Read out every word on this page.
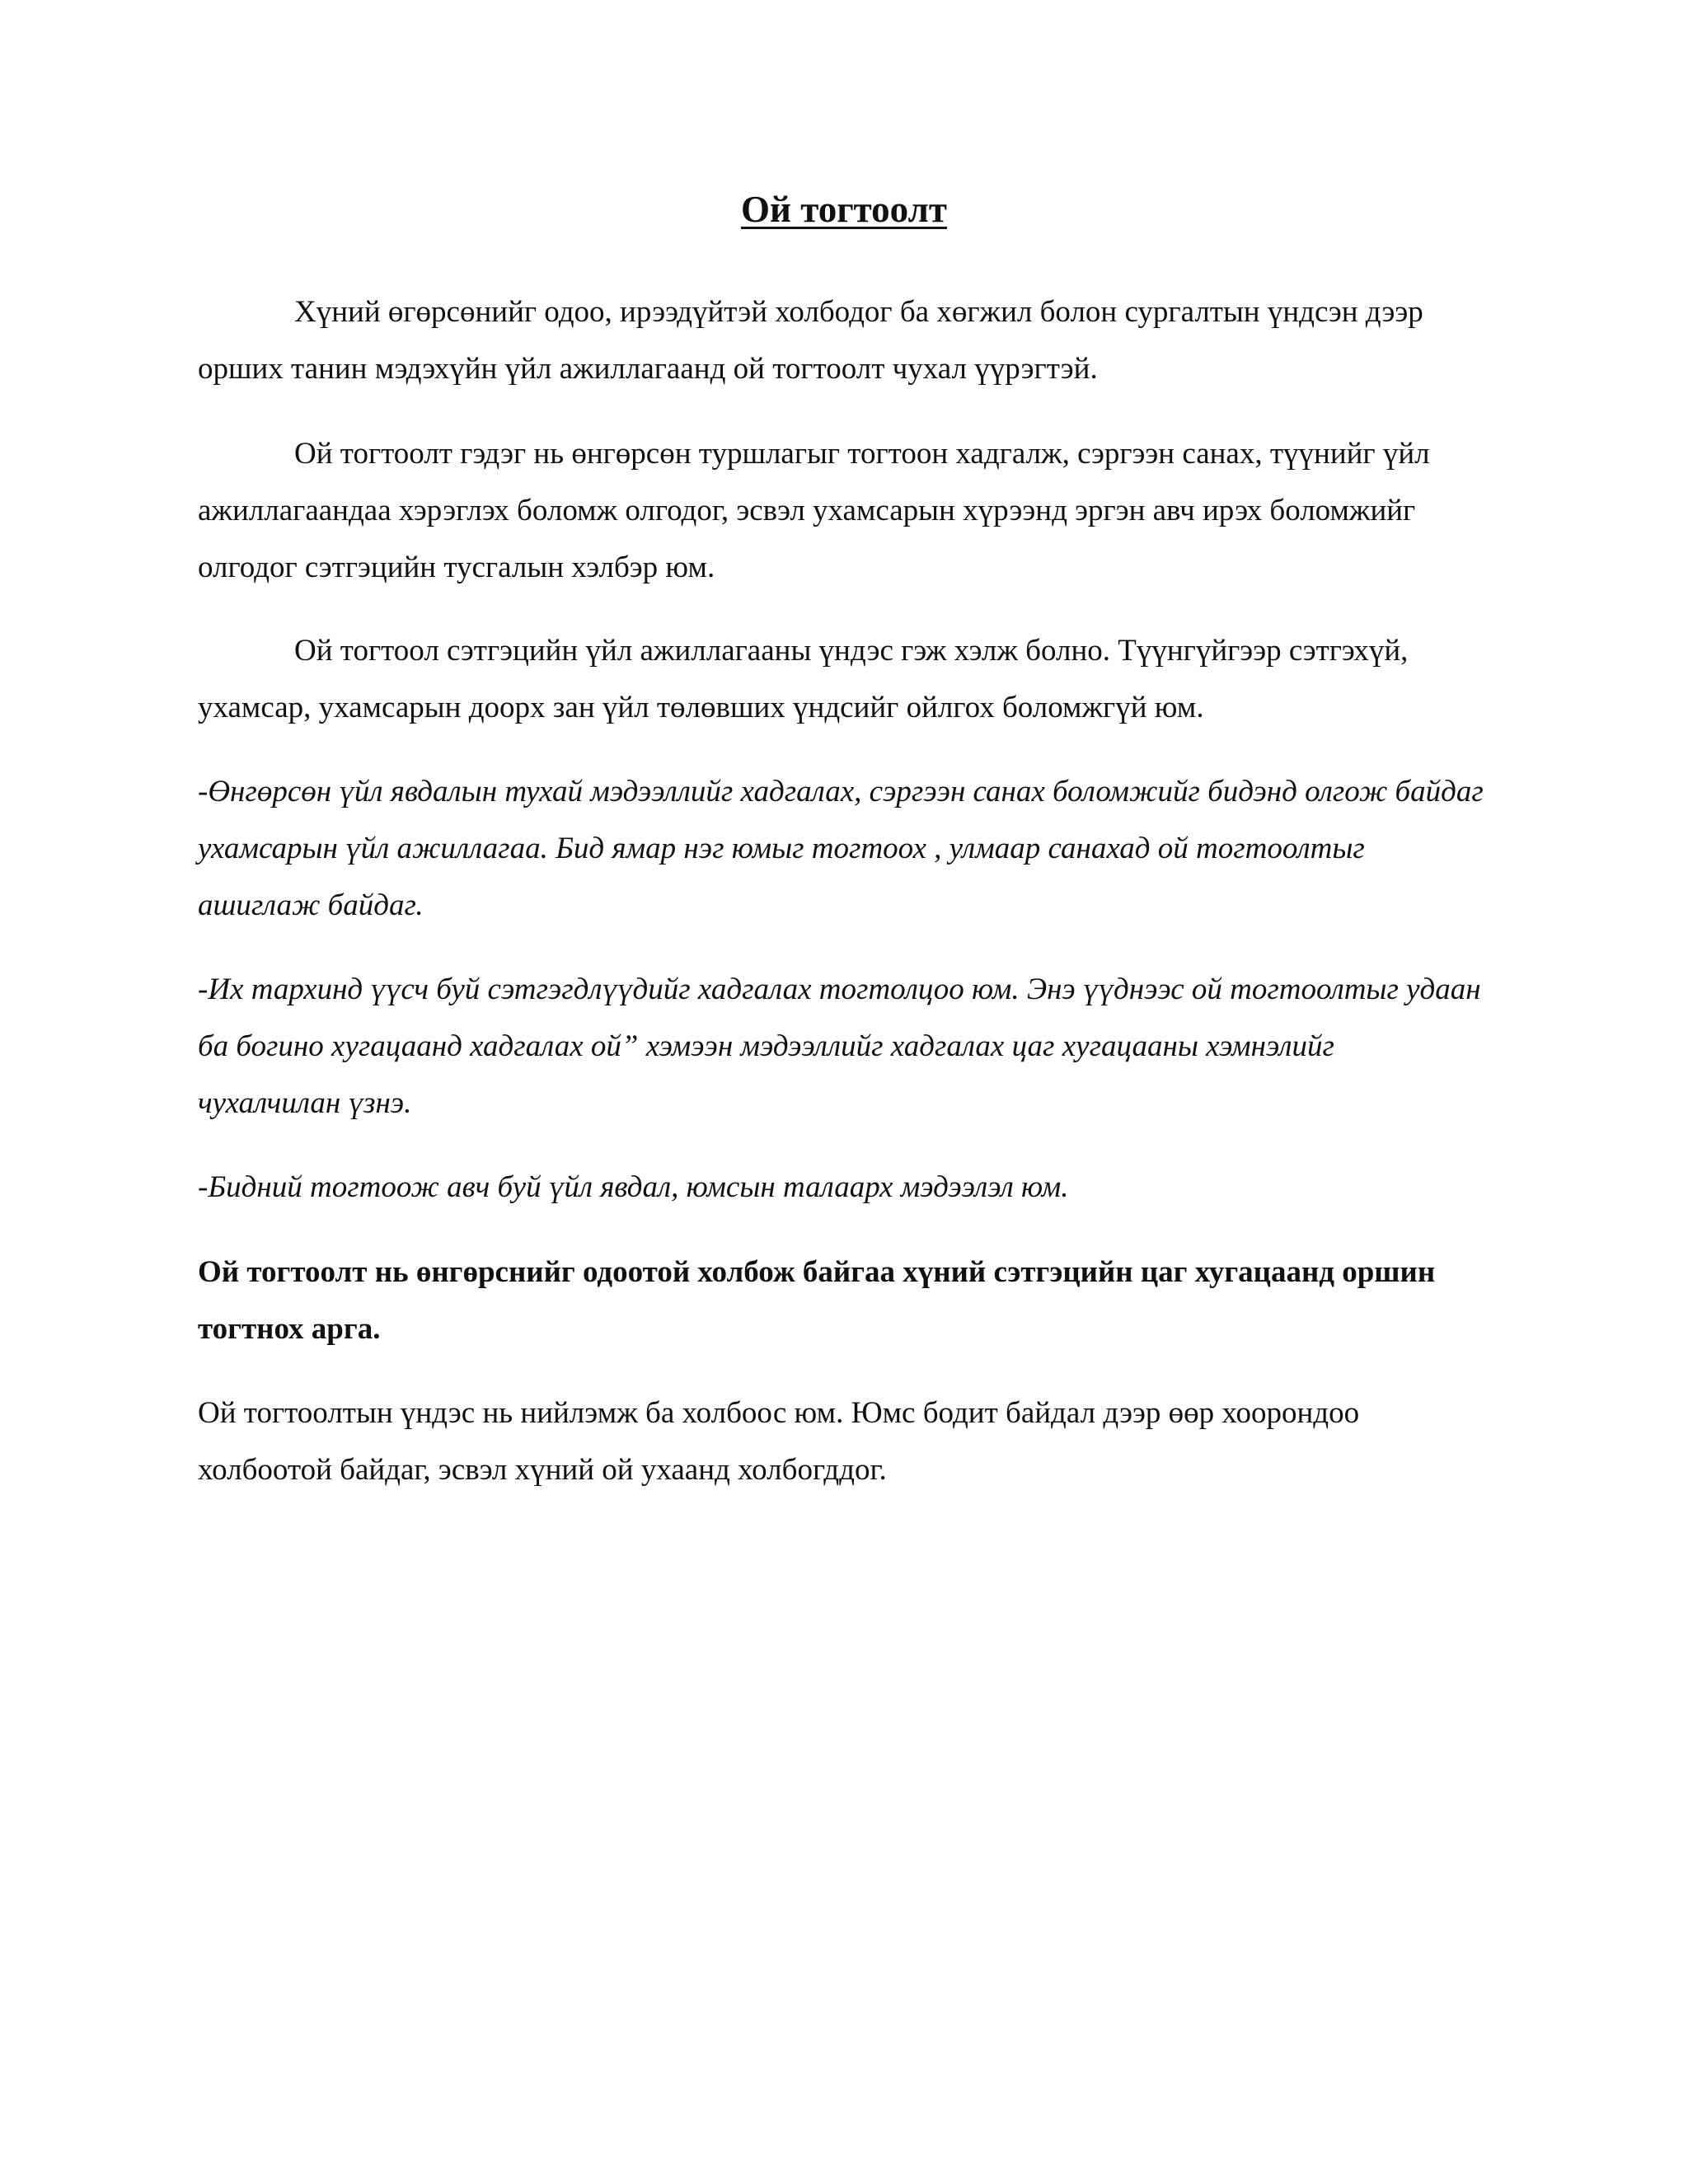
Ой тогтоолт

Хүний өгөрсөнийг одоо, ирээдүйтэй холбодог ба хөгжил болон сургалтын үндсэн дээр орших танин мэдэхүйн үйл ажиллагаанд ой тогтоолт чухал үүрэгтэй.

Ой тогтоолт гэдэг нь өнгөрсөн туршлагыг тогтоон хадгалж, сэргээн санах, түүнийг үйл ажиллагаандаа хэрэглэх боломж олгодог, эсвэл ухамсарын хүрээнд эргэн авч ирэх боломжийг олгодог сэтгэцийн тусгалын хэлбэр юм.

Ой тогтоол сэтгэцийн үйл ажиллагааны үндэс гэж хэлж болно. Түүнгүйгээр сэтгэхүй, ухамсар, ухамсарын доорх зан үйл төлөвших үндсийг ойлгох боломжгүй юм.

-Өнгөрсөн үйл явдалын тухай мэдээллийг хадгалах, сэргээн санах боломжийг бидэнд олгож байдаг ухамсарын үйл ажиллагаа. Бид ямар нэг юмыг тогтоох , улмаар санахад ой тогтоолтыг ашиглаж байдаг.

-Их тархинд үүсч буй сэтгэгдлүүдийг хадгалах тогтолцоо юм. Энэ үүднээс ой тогтоолтыг удаан ба богино хугацаанд хадгалах ой” хэмээн мэдээллийг хадгалах цаг хугацааны хэмнэлийг чухалчилан үзнэ.

-Бидний тогтоож авч буй үйл явдал, юмсын талаарх мэдээлэл юм.

Ой тогтоолт нь өнгөрснийг одоотой холбож байгаа хүний сэтгэцийн цаг хугацаанд оршин тогтнох арга.

Ой тогтоолтын үндэс нь нийлэмж ба холбоос юм. Юмс бодит байдал дээр өөр хоорондоо холбоотой байдаг, эсвэл хүний ой ухаанд холбогддог.
